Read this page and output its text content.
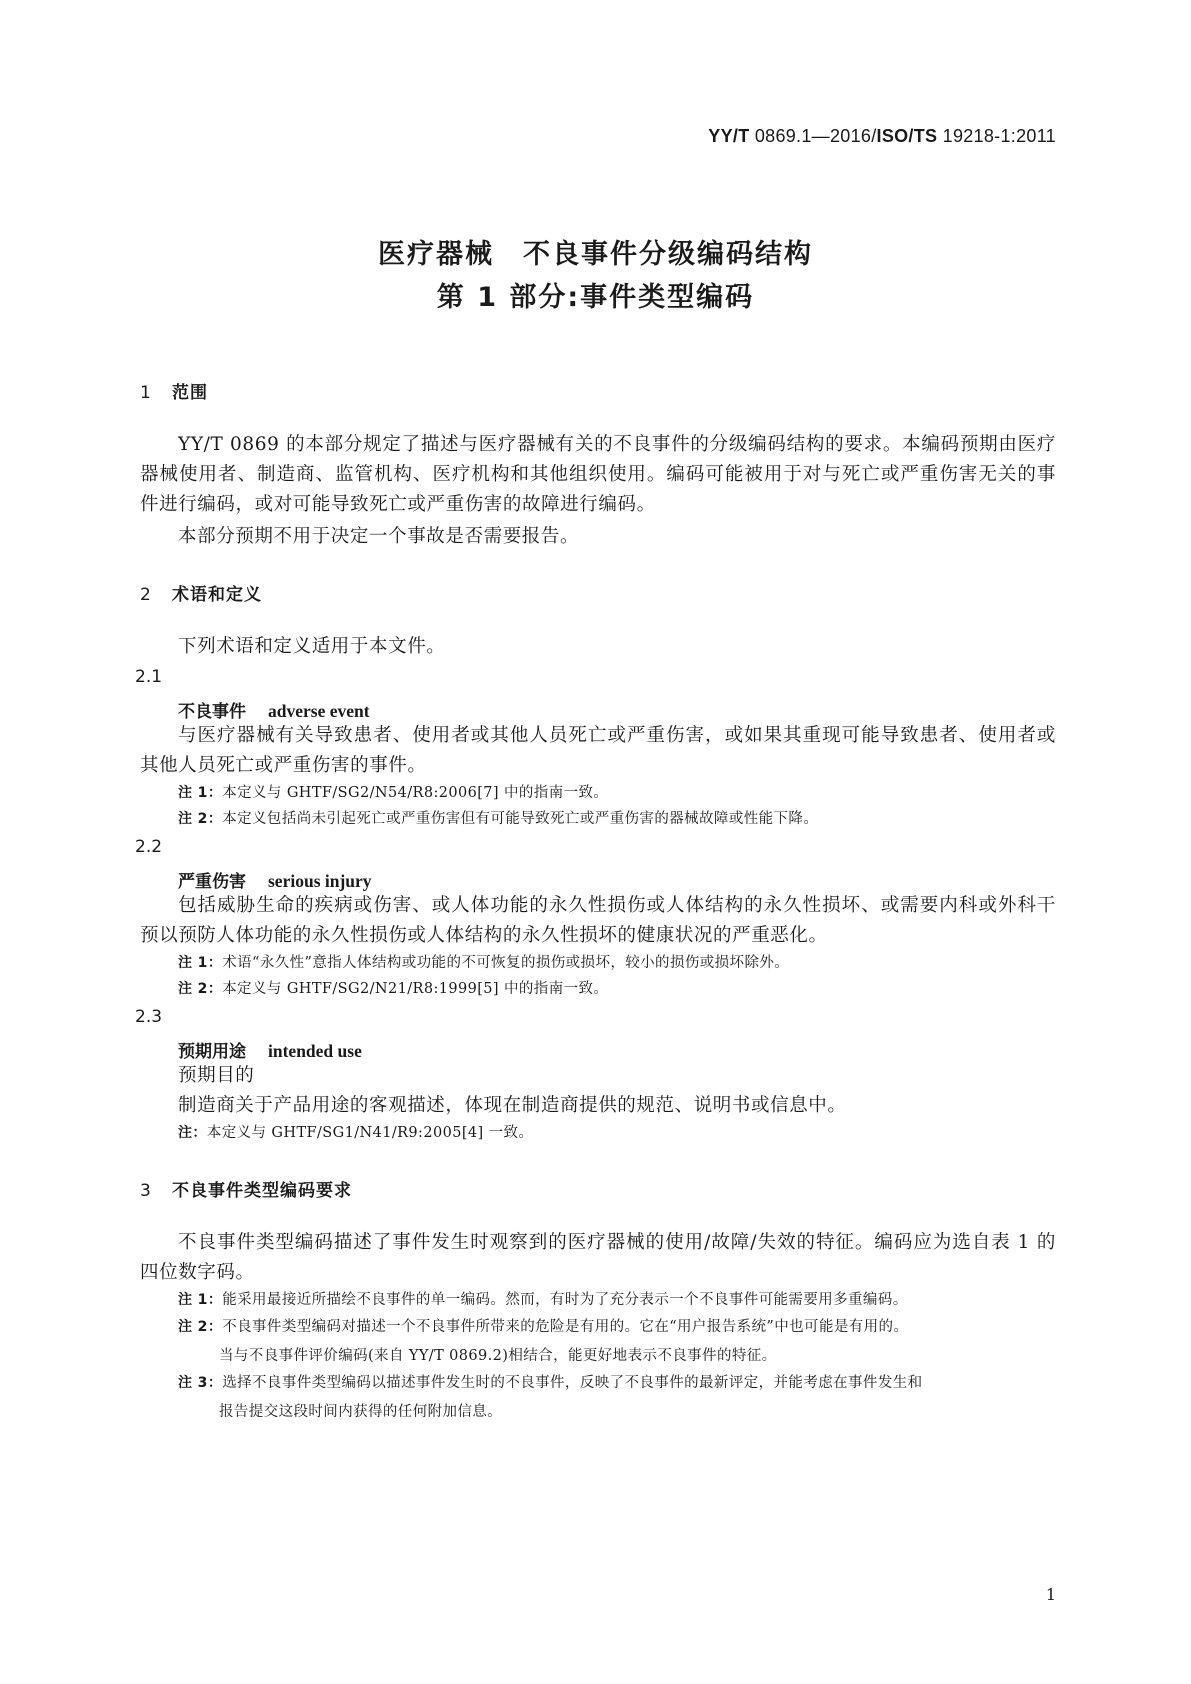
YY/T 0869.1—2016/ISO/TS 19218-1:2011
医疗器械　不良事件分级编码结构
第 1 部分:事件类型编码
1 范围
YY/T 0869 的本部分规定了描述与医疗器械有关的不良事件的分级编码结构的要求。本编码预期由医疗器械使用者、制造商、监管机构、医疗机构和其他组织使用。编码可能被用于对与死亡或严重伤害无关的事件进行编码，或对可能导致死亡或严重伤害的故障进行编码。
本部分预期不用于决定一个事故是否需要报告。
2 术语和定义
下列术语和定义适用于本文件。
2.1
不良事件 adverse event
与医疗器械有关导致患者、使用者或其他人员死亡或严重伤害，或如果其重现可能导致患者、使用者或其他人员死亡或严重伤害的事件。
注 1：本定义与 GHTF/SG2/N54/R8:2006[7] 中的指南一致。
注 2：本定义包括尚未引起死亡或严重伤害但有可能导致死亡或严重伤害的器械故障或性能下降。
2.2
严重伤害 serious injury
包括威胁生命的疾病或伤害、或人体功能的永久性损伤或人体结构的永久性损坏、或需要内科或外科干预以预防人体功能的永久性损伤或人体结构的永久性损坏的健康状况的严重恶化。
注 1：术语“永久性”意指人体结构或功能的不可恢复的损伤或损坏，较小的损伤或损坏除外。
注 2：本定义与 GHTF/SG2/N21/R8:1999[5] 中的指南一致。
2.3
预期用途 intended use
预期目的
制造商关于产品用途的客观描述，体现在制造商提供的规范、说明书或信息中。
注：本定义与 GHTF/SG1/N41/R9:2005[4] 一致。
3 不良事件类型编码要求
不良事件类型编码描述了事件发生时观察到的医疗器械的使用/故障/失效的特征。编码应为选自表 1 的四位数字码。
注 1：能采用最接近所描绘不良事件的单一编码。然而，有时为了充分表示一个不良事件可能需要用多重编码。
注 2：不良事件类型编码对描述一个不良事件所带来的危险是有用的。它在“用户报告系统”中也可能是有用的。
当与不良事件评价编码(来自 YY/T 0869.2)相结合，能更好地表示不良事件的特征。
注 3：选择不良事件类型编码以描述事件发生时的不良事件，反映了不良事件的最新评定，并能考虑在事件发生和
报告提交这段时间内获得的任何附加信息。
1
